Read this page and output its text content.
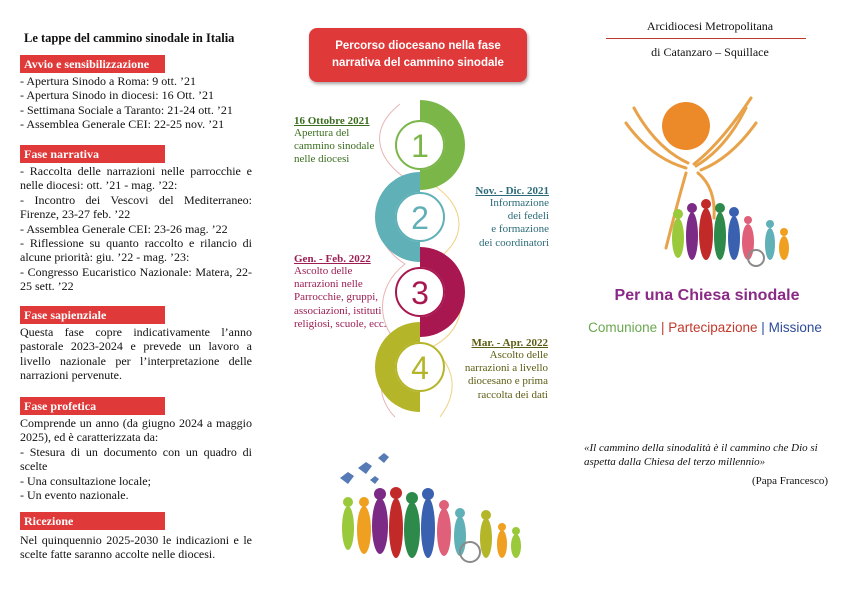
Le tappe del cammino sinodale in Italia
Avvio e sensibilizzazione
- Apertura Sinodo a Roma: 9 ott. ’21
- Apertura Sinodo in diocesi: 16 Ott. ’21
- Settimana Sociale a Taranto: 21-24 ott. ’21
- Assemblea Generale CEI: 22-25 nov. ’21
Fase narrativa
- Raccolta delle narrazioni nelle parrocchie e nelle diocesi: ott. ’21 - mag. ’22:
- Incontro dei Vescovi del Mediterraneo: Firenze, 23-27 feb. ’22
- Assemblea Generale CEI: 23-26 mag. ’22
- Riflessione su quanto raccolto e rilancio di alcune priorità: giu. ’22 - mag. ’23:
- Congresso Eucaristico Nazionale: Matera, 22-25 sett. ’22
Fase sapienziale
Questa fase copre indicativamente l’anno pastorale 2023-2024 e prevede un lavoro a livello nazionale per l’interpretazione delle narrazioni pervenute.
Fase profetica
Comprende un anno (da giugno 2024 a maggio 2025), ed è caratterizzata da:
- Stesura di un documento con un quadro di scelte
- Una consultazione locale;
- Un evento nazionale.
Ricezione
Nel quinquennio 2025-2030 le indicazioni e le scelte fatte saranno accolte nelle diocesi.
Percorso diocesano nella fase narrativa del cammino sinodale
1
2
3
4
16 Ottobre 2021
Apertura del
cammino sinodale
nelle diocesi
Nov. - Dic. 2021
Informazione
dei fedeli
e formazione
dei coordinatori
Gen. - Feb. 2022
Ascolto delle
narrazioni nelle
Parrocchie, gruppi,
associazioni, istituti
religiosi, scuole, ecc.
Mar. - Apr. 2022
Ascolto delle
narrazioni a livello
diocesano e prima
raccolta dei dati
Arcidiocesi Metropolitana
di Catanzaro – Squillace
Per una Chiesa sinodale
Comunione | Partecipazione | Missione
«Il cammino della sinodalità è il cammino che Dio si aspetta dalla Chiesa del terzo millennio»
(Papa Francesco)
